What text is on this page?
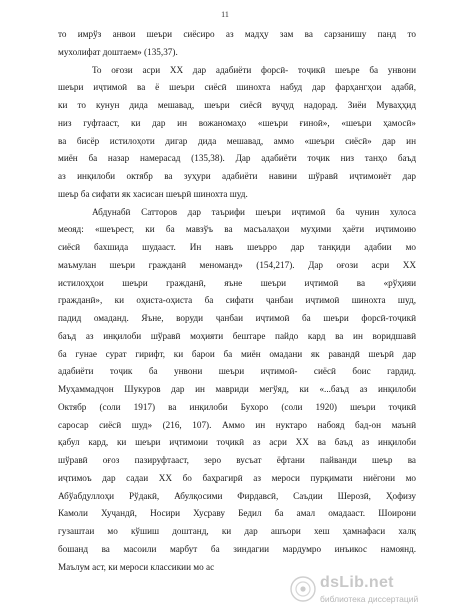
11
то имрўз анвои шеъри сиёсиро аз мадҳу зам ва сарзанишу панд то
мухолифат доштаем» (135,37).
То оғози асри ХХ дар адабиёти форсӣ- тоҷикӣ шеъре ба унвони
шеъри иҷтимоӣ ва ё шеъри сиёсӣ шинохта набуд дар фарҳангҳои адабӣ,
ки то кунун дида мешавад, шеъри сиёсӣ вуҷуд надорад. Зиёи Муваҳҳид
низ гуфтааст, ки дар ин вожаномаҳо «шеъри ғиноӣ», «шеъри ҳамосӣ»
ва бисёр истилоҳоти дигар дида мешавад, аммо «шеъри сиёсӣ» дар ин
миён ба назар намерасад (135,38). Дар адабиёти тоҷик низ танҳо баъд
аз инқилоби октябр ва зуҳури адабиёти навини шўравӣ иҷтимоиёт дар
шеър ба сифати як хасисан шеърӣ шинохта шуд.
Абдунабӣ Сатторов дар таърифи шеъри иҷтимоӣ ба чунин хулоса
меояд: «шеърест, ки ба мавзўъ ва масъалаҳои муҳими ҳаёти иҷтимоию
сиёсӣ бахшида шудааст. Ин навъ шеърро дар танқиди адабии мо
маъмулан шеъри гражданӣ меноманд» (154,217). Дар оғози асри ХХ
истилоҳҳои шеъри гражданӣ, яъне шеъри иҷтимоӣ ва «рўҳияи
гражданӣ», ки оҳиста-оҳиста ба сифати ҷанбаи иҷтимоӣ шинохта шуд,
падид омаданд. Яъне, воруди ҷанбаи иҷтимоӣ ба шеъри форсӣ-тоҷикӣ
баъд аз инқилоби шўравӣ моҳияти бештаре пайдо кард ва ин воридшавӣ
ба гунае сурат гирифт, ки барои ба миён омадани як равандӣ шеърӣ дар
адабиёти тоҷик ба унвони шеъри иҷтимоӣ- сиёсӣ боис гардид.
Муҳаммадҷон Шукуров дар ин мавриди мегўяд, ки «...баъд аз инқилоби
Октябр (соли 1917) ва инқилоби Бухоро (соли 1920) шеъри тоҷикӣ
саросар сиёсӣ шуд» (216, 107). Аммо ин нуктаро набояд бад-он маънӣ
қабул кард, ки шеъри иҷтимоии тоҷикӣ аз асри ХХ ва баъд аз инқилоби
шўравӣ оғоз пазируфтааст, зеро вусъат ёфтани пайванди шеър ва
иҷтимоъ дар садаи ХХ бо баҳрагирӣ аз мероси пурқимати ниёгони мо
Абўабдуллоҳи Рўдакӣ, Абулқосими Фирдавсӣ, Саъдии Шерозӣ, Ҳофизу
Камоли Хуҷандӣ, Носири Хусраву Бедил ба амал омадааст. Шоирони
гузаштаи мо кўшиш доштанд, ки дар ашъори хеш ҳамнафаси халқ
бошанд ва масоили марбут ба зиндагии мардумро инъикос намоянд.
Маълум аст, ки мероси классикии мо ас
dsLib.net
библиотека диссертаций
